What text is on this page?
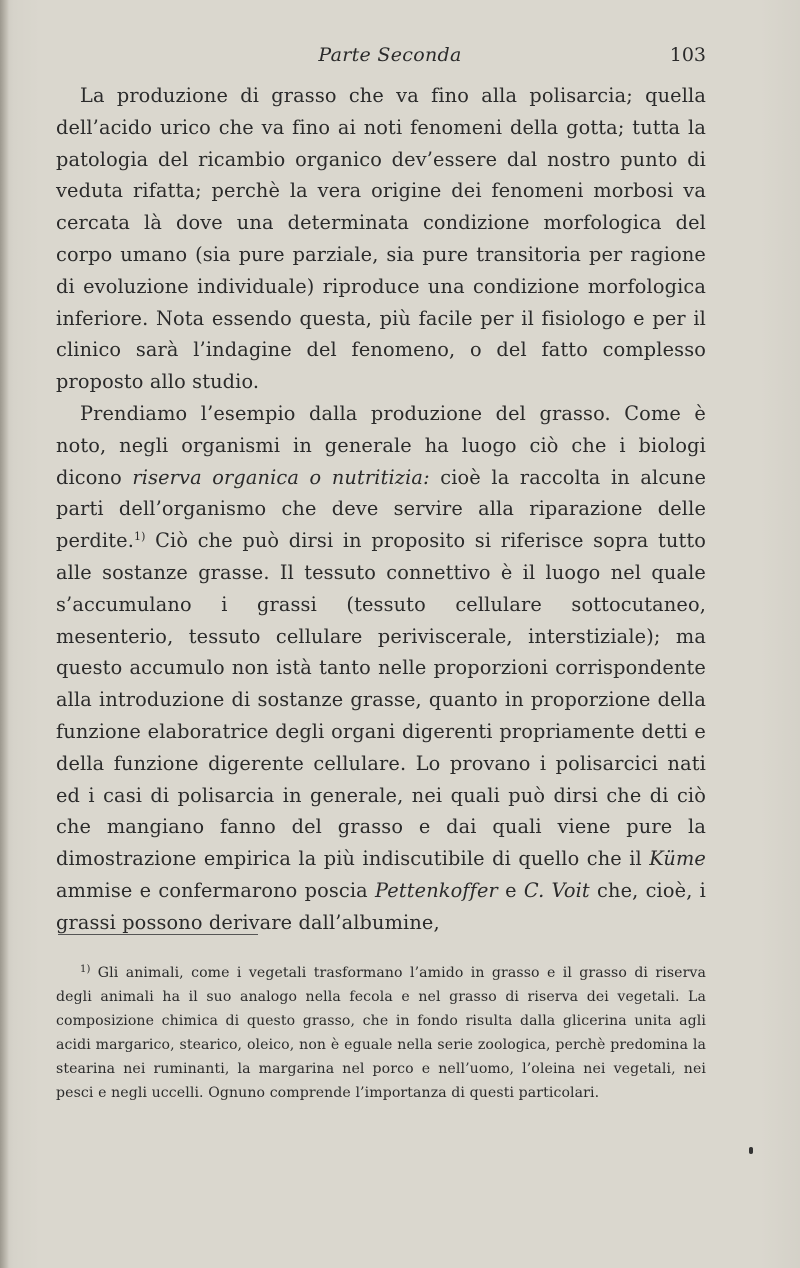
Parte Seconda	103

La produzione di grasso che va fino alla polisarcia; quella dell’acido urico che va fino ai noti fenomeni della gotta; tutta la patologia del ricambio organico dev’essere dal nostro punto di veduta rifatta; perchè la vera origine dei fenomeni morbosi va cercata là dove una determinata condizione morfologica del corpo umano (sia pure parziale, sia pure transitoria per ragione di evoluzione individuale) riproduce una condizione morfologica inferiore. Nota essendo questa, più facile per il fisiologo e per il clinico sarà l’indagine del fenomeno, o del fatto complesso proposto allo studio.

Prendiamo l’esempio dalla produzione del grasso. Come è noto, negli organismi in generale ha luogo ciò che i biologi dicono riserva organica o nutritizia: cioè la raccolta in alcune parti dell’organismo che deve servire alla riparazione delle perdite.$^{1)}$ Ciò che può dirsi in proposito si riferisce sopra tutto alle sostanze grasse. Il tessuto connettivo è il luogo nel quale s’accumulano i grassi (tessuto cellulare sottocutaneo, mesenterio, tessuto cellulare periviscerale, interstiziale); ma questo accumulo non istà tanto nelle proporzioni corrispondente alla introduzione di sostanze grasse, quanto in proporzione della funzione elaboratrice degli organi digerenti propriamente detti e della funzione digerente cellulare. Lo provano i polisarcici nati ed i casi di polisarcia in generale, nei quali può dirsi che di ciò che mangiano fanno del grasso e dai quali viene pure la dimostrazione empirica la più indiscutibile di quello che il Küme ammise e confermarono poscia Pettenkoffer e C. Voit che, cioè, i grassi possono derivare dall’albumine,

$^{1)}$ Gli animali, come i vegetali trasformano l’amido in grasso e il grasso di riserva degli animali ha il suo analogo nella fecola e nel grasso di riserva dei vegetali. La composizione chimica di questo grasso, che in fondo risulta dalla glicerina unita agli acidi margarico, stearico, oleico, non è eguale nella serie zoologica, perchè predomina la stearina nei ruminanti, la margarina nel porco e nell’uomo, l’oleina nei vegetali, nei pesci e negli uccelli. Ognuno comprende l’importanza di questi particolari.
